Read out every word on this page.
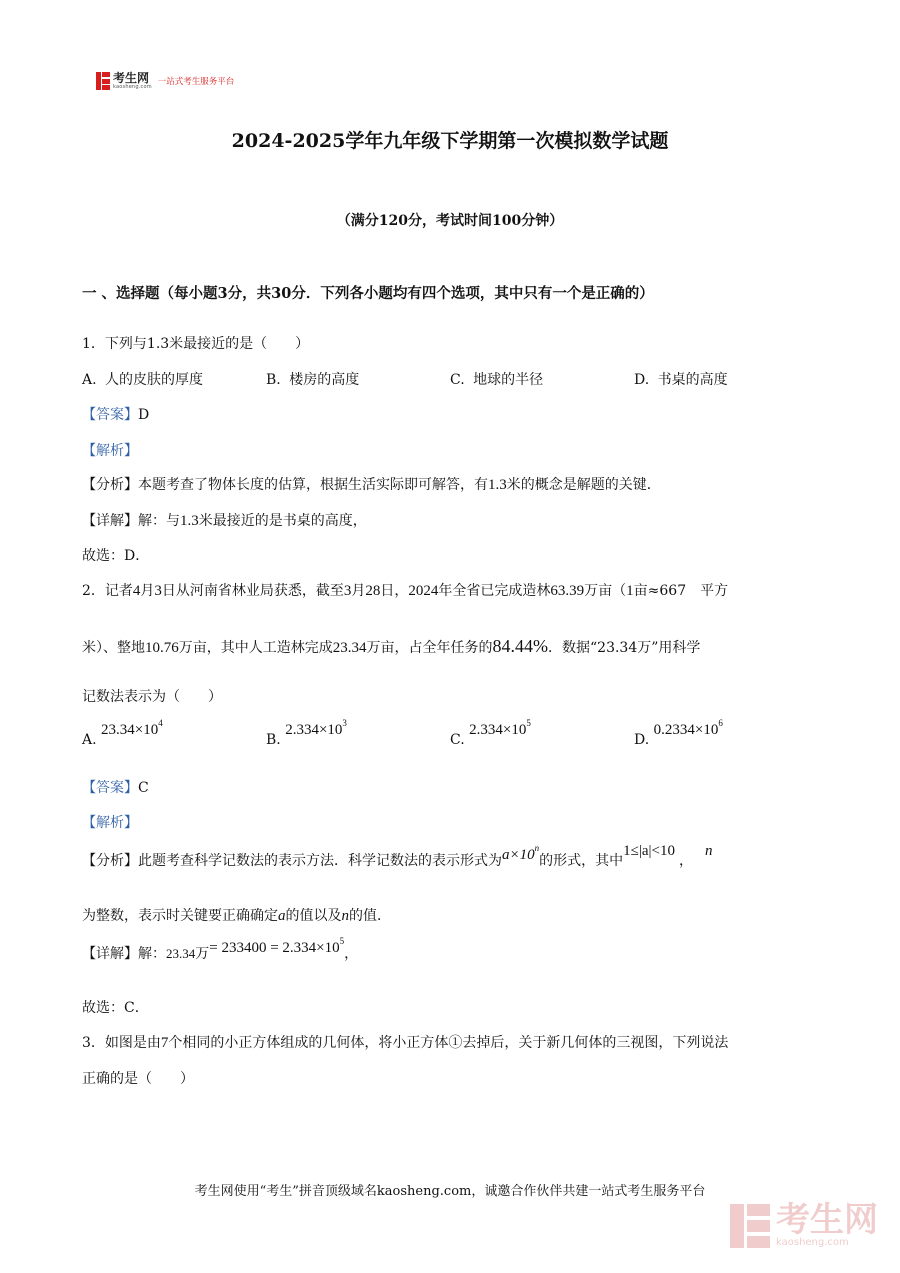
考生网
kaosheng.com 一站式考生服务平台
2024-2025学年九年级下学期第一次模拟数学试题
（满分120分，考试时间100分钟）
一 、选择题（每小题3分，共30分．下列各小题均有四个选项，其中只有一个是正确的）
1．下列与1.3米最接近的是（　　）
A. 人的皮肤的厚度	B. 楼房的高度	C. 地球的半径	D. 书桌的高度
【答案】D
【解析】
【分析】本题考查了物体长度的估算，根据生活实际即可解答，有1.3米的概念是解题的关键．
【详解】解：与1.3米最接近的是书桌的高度，
故选：D．
2．记者4月3日从河南省林业局获悉，截至3月28日，2024年全省已完成造林63.39万亩（1亩≈667　平方
米）、整地10.76万亩，其中人工造林完成23.34万亩，占全年任务的84.44%．数据“23.34万”用科学
记数法表示为（　　）
A. $23.34\times 10^4$
B. $2.334\times 10^3$
C. $2.334\times 10^5$
D. $0.2334\times 10^6$
【答案】C
【解析】
【分析】此题考查科学记数法的表示方法．科学记数法的表示形式为$a\times 10^n$的形式，其中1≤|a|<10，n
为整数，表示时关键要正确确定a的值以及n的值．
【详解】解：23.34万= $233400 = 2.334\times 10^5$，
故选：C．
3．如图是由7个相同的小正方体组成的几何体，将小正方体①去掉后，关于新几何体的三视图，下列说法
正确的是（　　）
考生网使用“考生”拼音顶级域名kaosheng.com，诚邀合作伙伴共建一站式考生服务平台
考生网
kaosheng.com
